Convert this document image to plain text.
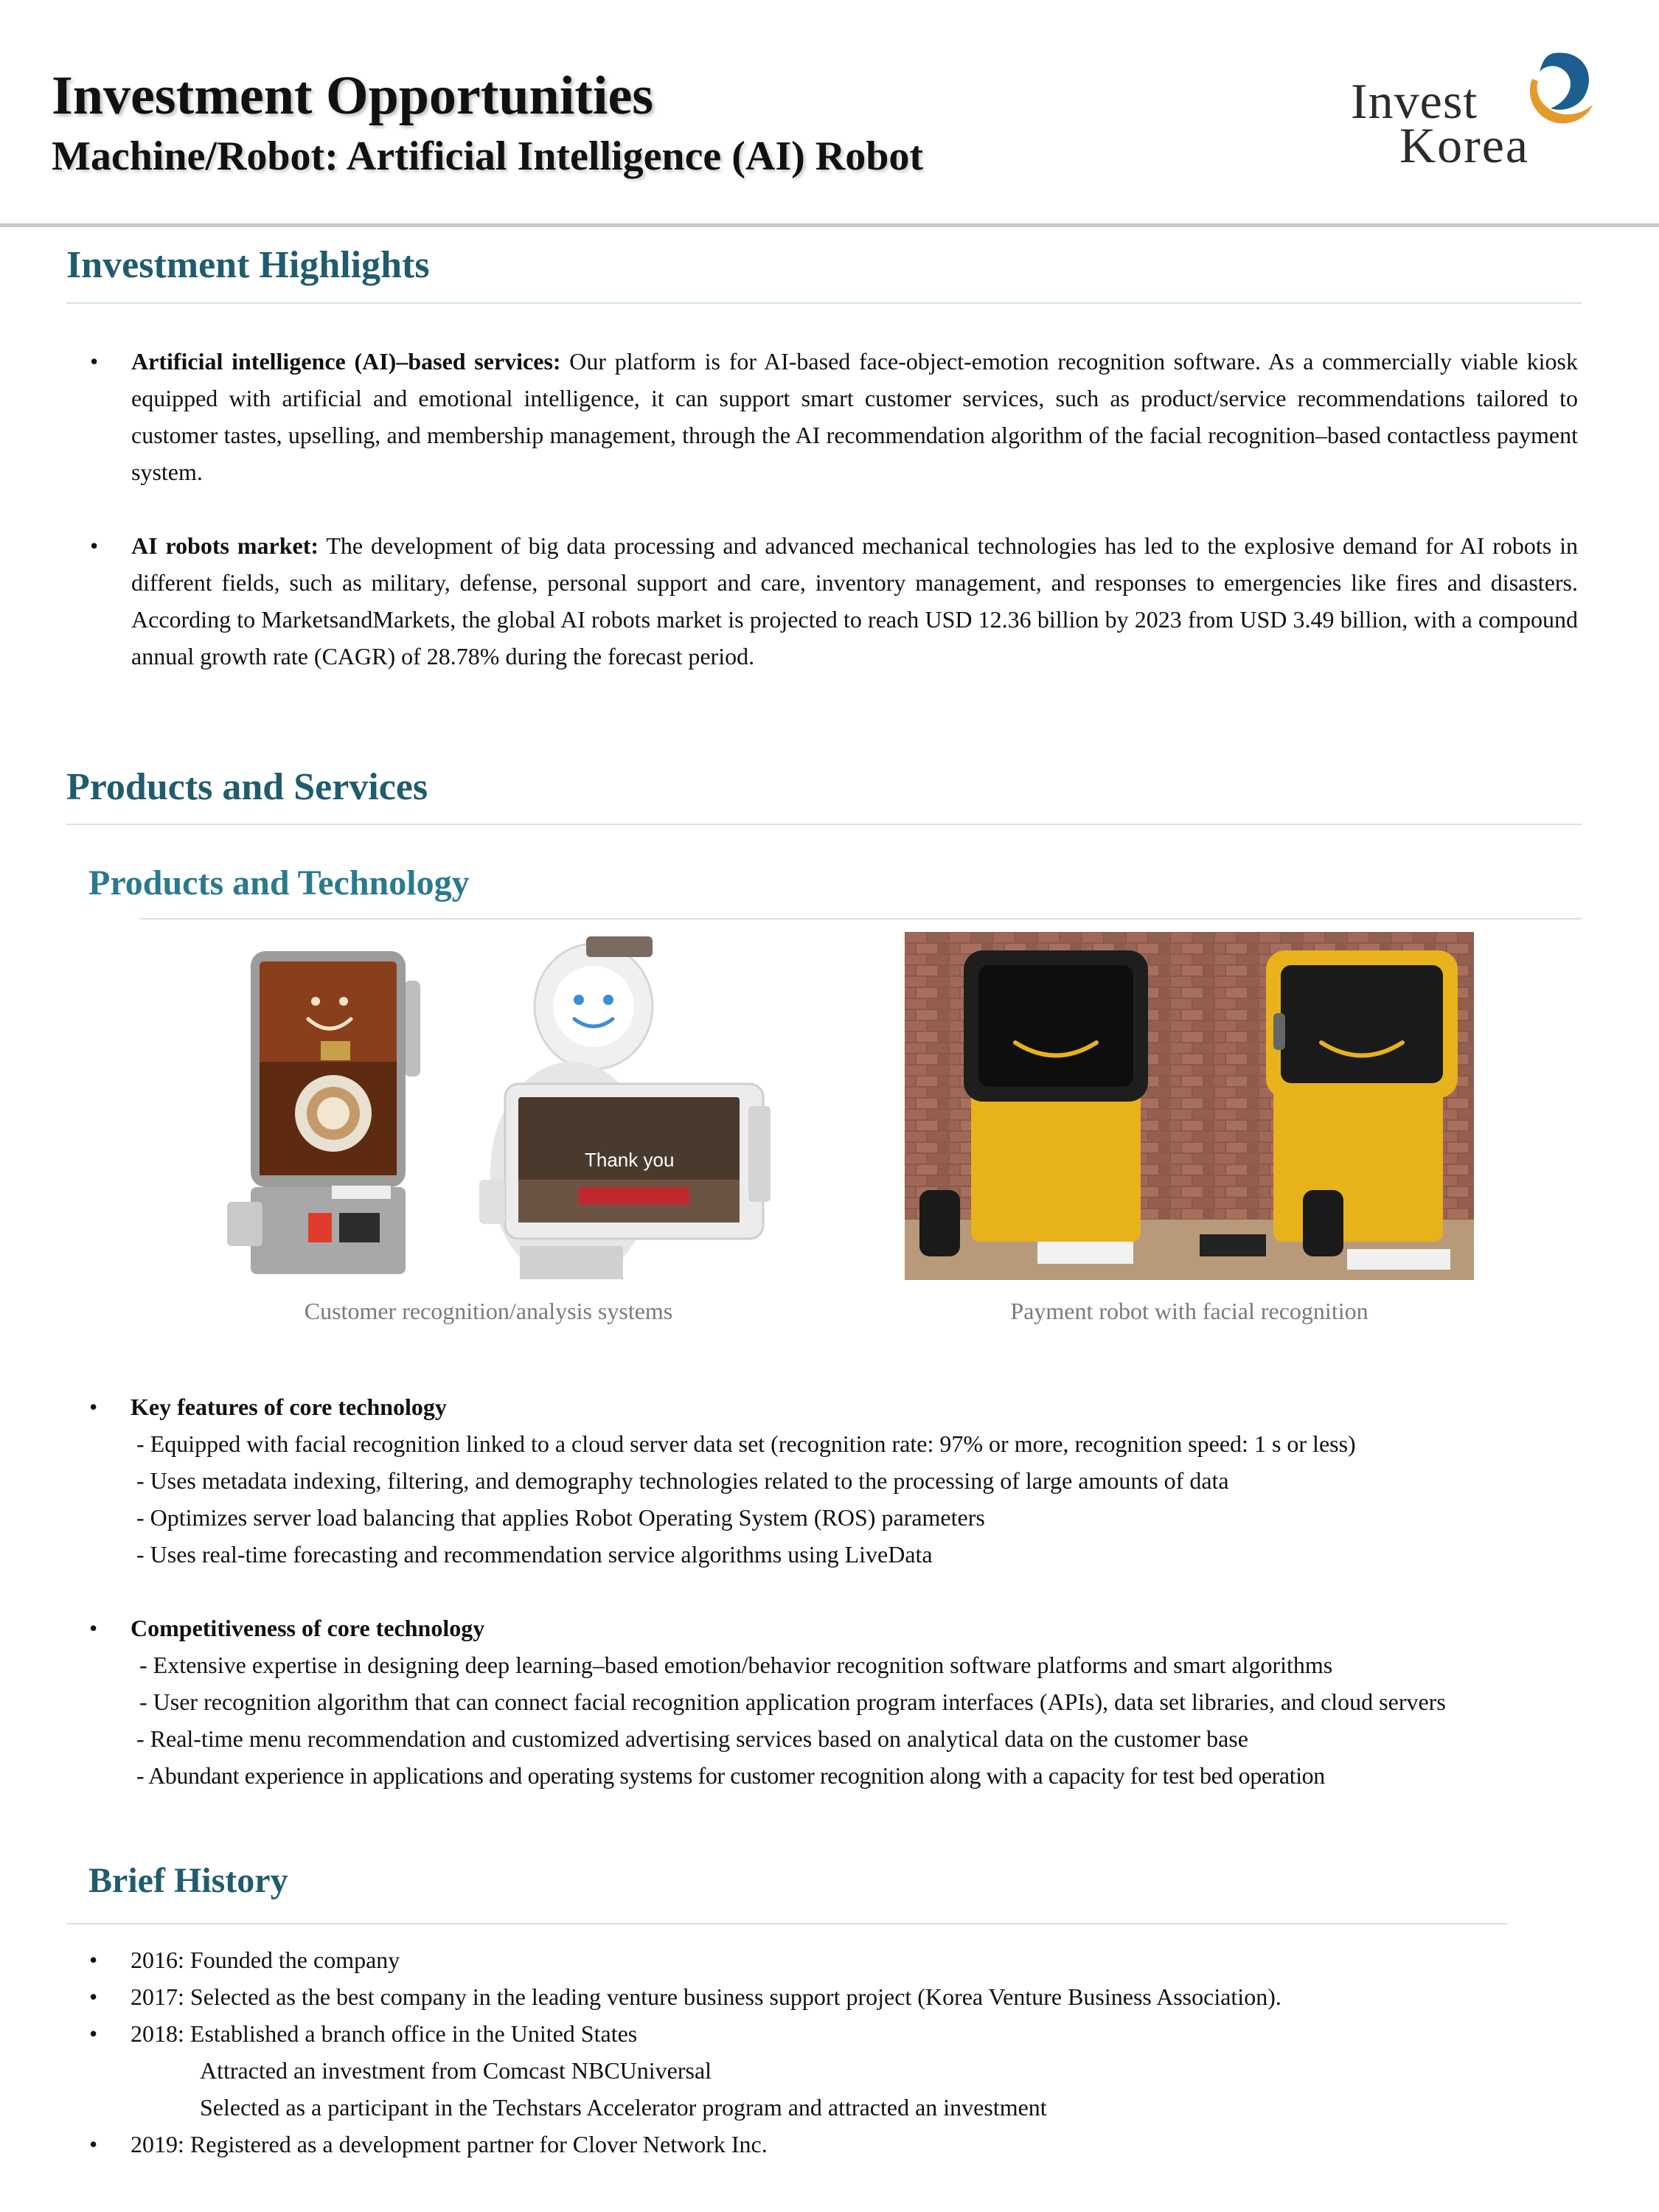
Investment Opportunities
Machine/Robot: Artificial Intelligence (AI) Robot
Invest
Korea
Investment Highlights
• Artificial intelligence (AI)–based services: Our platform is for AI-based face-object-emotion recognition software. As a commercially viable kiosk equipped with artificial and emotional intelligence, it can support smart customer services, such as product/service recommendations tailored to customer tastes, upselling, and membership management, through the AI recommendation algorithm of the facial recognition–based contactless payment system.
• AI robots market: The development of big data processing and advanced mechanical technologies has led to the explosive demand for AI robots in different fields, such as military, defense, personal support and care, inventory management, and responses to emergencies like fires and disasters. According to MarketsandMarkets, the global AI robots market is projected to reach USD 12.36 billion by 2023 from USD 3.49 billion, with a compound annual growth rate (CAGR) of 28.78% during the forecast period.
Products and Services
Products and Technology
Thank you
Customer recognition/analysis systems	Payment robot with facial recognition
• Key features of core technology
- Equipped with facial recognition linked to a cloud server data set (recognition rate: 97% or more, recognition speed: 1 s or less)
- Uses metadata indexing, filtering, and demography technologies related to the processing of large amounts of data
- Optimizes server load balancing that applies Robot Operating System (ROS) parameters
- Uses real-time forecasting and recommendation service algorithms using LiveData
• Competitiveness of core technology
- Extensive expertise in designing deep learning–based emotion/behavior recognition software platforms and smart algorithms
- User recognition algorithm that can connect facial recognition application program interfaces (APIs), data set libraries, and cloud servers
- Real-time menu recommendation and customized advertising services based on analytical data on the customer base
- Abundant experience in applications and operating systems for customer recognition along with a capacity for test bed operation
Brief History
• 2016: Founded the company
• 2017: Selected as the best company in the leading venture business support project (Korea Venture Business Association).
• 2018: Established a branch office in the United States
Attracted an investment from Comcast NBCUniversal
Selected as a participant in the Techstars Accelerator program and attracted an investment
• 2019: Registered as a development partner for Clover Network Inc.
